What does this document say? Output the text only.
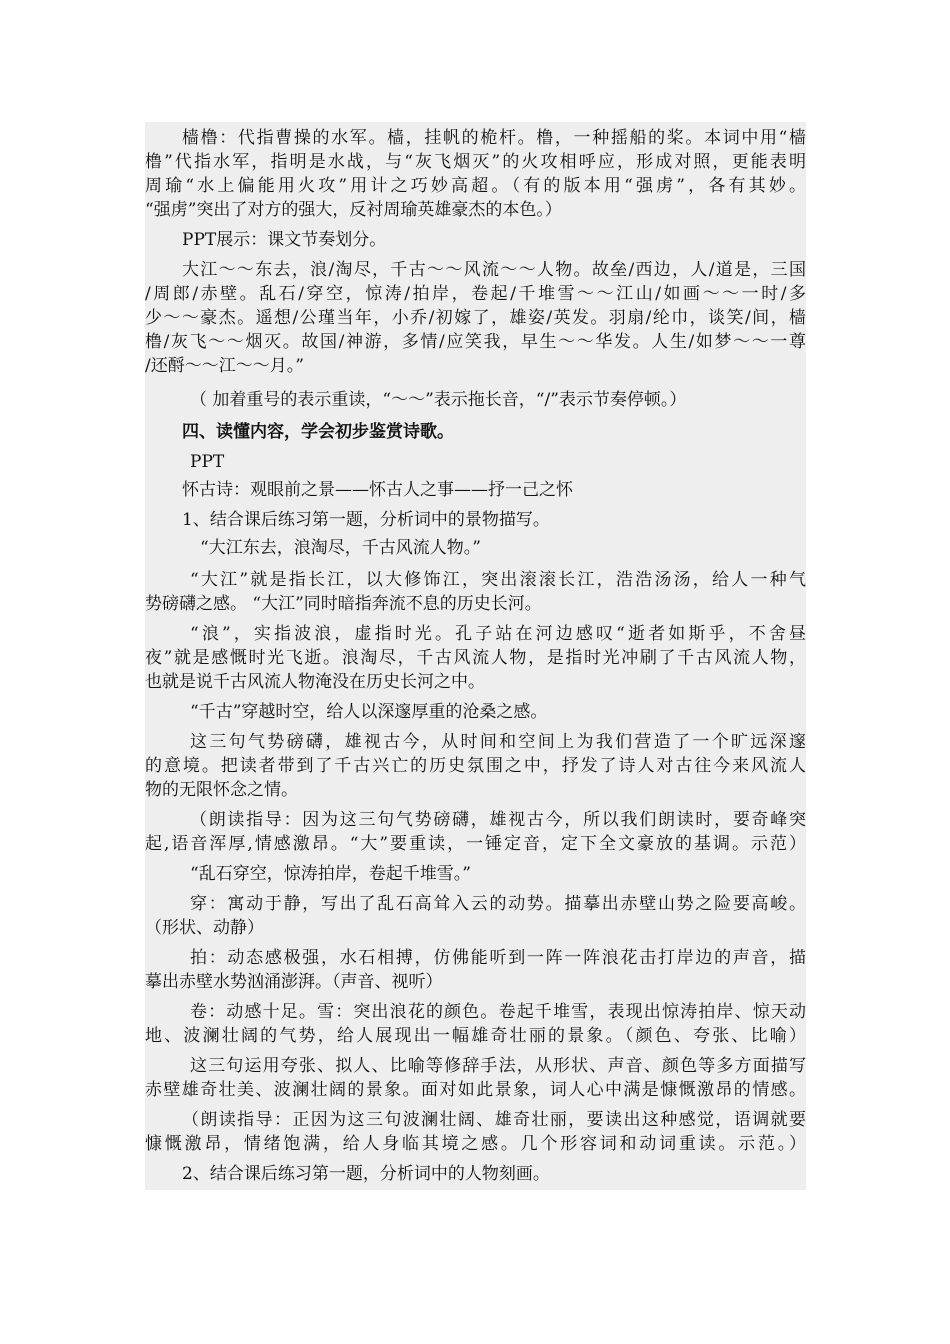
樯橹：代指曹操的水军。樯，挂帆的桅杆。橹，一种摇船的桨。本词中用“樯
橹”代指水军，指明是水战，与“灰飞烟灭”的火攻相呼应，形成对照，更能表明
周瑜“水上偏能用火攻”用计之巧妙高超。（有的版本用“强虏”，各有其妙。
“强虏”突出了对方的强大，反衬周瑜英雄豪杰的本色。）
PPT展示：课文节奏划分。
大江～～东去，浪/淘尽，千古～～风流～～人物。故垒/西边，人/道是，三国
/周郎/赤壁。乱石/穿空，惊涛/拍岸，卷起/千堆雪～～江山/如画～～一时/多
少～～豪杰。遥想/公瑾当年，小乔/初嫁了，雄姿/英发。羽扇/纶巾，谈笑/间，樯
橹/灰飞～～烟灭。故国/神游，多情/应笑我，早生～～华发。人生/如梦～～一尊
/还酹～～江～～月。”
（ 加着重号的表示重读，“～～”表示拖长音，“/”表示节奏停顿。）
四、读懂内容，学会初步鉴赏诗歌。
PPT
怀古诗：观眼前之景——怀古人之事——抒一己之怀
1、结合课后练习第一题，分析词中的景物描写。
“大江东去，浪淘尽，千古风流人物。”
“大江”就是指长江，以大修饰江，突出滚滚长江，浩浩汤汤，给人一种气
势磅礴之感。 “大江”同时暗指奔流不息的历史长河。
“浪”，实指波浪，虚指时光。孔子站在河边感叹“逝者如斯乎，不舍昼
夜”就是感慨时光飞逝。浪淘尽，千古风流人物，是指时光冲刷了千古风流人物，
也就是说千古风流人物淹没在历史长河之中。
“千古”穿越时空，给人以深邃厚重的沧桑之感。
这三句气势磅礴，雄视古今，从时间和空间上为我们营造了一个旷远深邃
的意境。把读者带到了千古兴亡的历史氛围之中，抒发了诗人对古往今来风流人
物的无限怀念之情。
（朗读指导：因为这三句气势磅礴，雄视古今，所以我们朗读时，要奇峰突
起,语音浑厚,情感激昂。“大”要重读，一锤定音，定下全文豪放的基调。示范）
“乱石穿空，惊涛拍岸，卷起千堆雪。”
穿：寓动于静，写出了乱石高耸入云的动势。描摹出赤壁山势之险要高峻。
（形状、动静）
拍：动态感极强，水石相搏，仿佛能听到一阵一阵浪花击打岸边的声音，描
摹出赤壁水势汹涌澎湃。（声音、视听）
卷：动感十足。雪：突出浪花的颜色。卷起千堆雪，表现出惊涛拍岸、惊天动
地、波澜壮阔的气势，给人展现出一幅雄奇壮丽的景象。（颜色、夸张、比喻）
这三句运用夸张、拟人、比喻等修辞手法，从形状、声音、颜色等多方面描写
赤壁雄奇壮美、波澜壮阔的景象。面对如此景象，词人心中满是慷慨激昂的情感。
（朗读指导：正因为这三句波澜壮阔、雄奇壮丽，要读出这种感觉，语调就要
慷慨激昂，情绪饱满，给人身临其境之感。几个形容词和动词重读。示范。）
2、结合课后练习第一题，分析词中的人物刻画。
